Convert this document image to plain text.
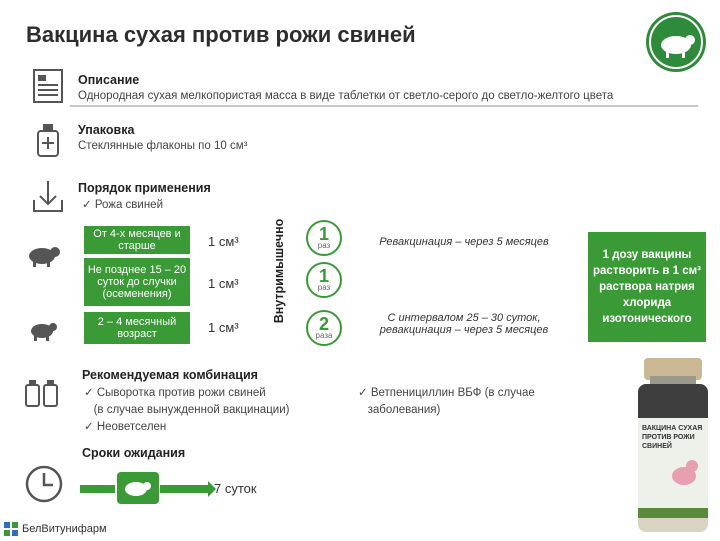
Вакцина сухая против рожи свиней
Описание
Однородная сухая мелкопористая масса в виде таблетки от светло-серого до светло-желтого цвета
Упаковка
Стеклянные флаконы по 10 см³
Порядок применения
✓ Рожа свиней
От 4-х месяцев и старше
Не позднее 15 – 20 суток до случки (осеменения)
2 – 4 месячный возраст
1 см³
1 см³
1 см³
Внутримышечно 1
раз
1
раз
2
раза
Ревакцинация – через 5 месяцев
С интервалом 25 – 30 суток, ревакцинация – через 5 месяцев
1 дозу вакцины растворить в 1 см³ раствора натрия хлорида изотонического
Рекомендуемая комбинация
✓ Сыворотка против рожи свиней
(в случае вынужденной вакцинации)
✓ Неоветселен
✓ Ветпенициллин ВБФ (в случае
заболевания)
Сроки ожидания
7 суток
ВАКЦИНА СУХАЯ ПРОТИВ РОЖИ СВИНЕЙ
БелВитунифарм
